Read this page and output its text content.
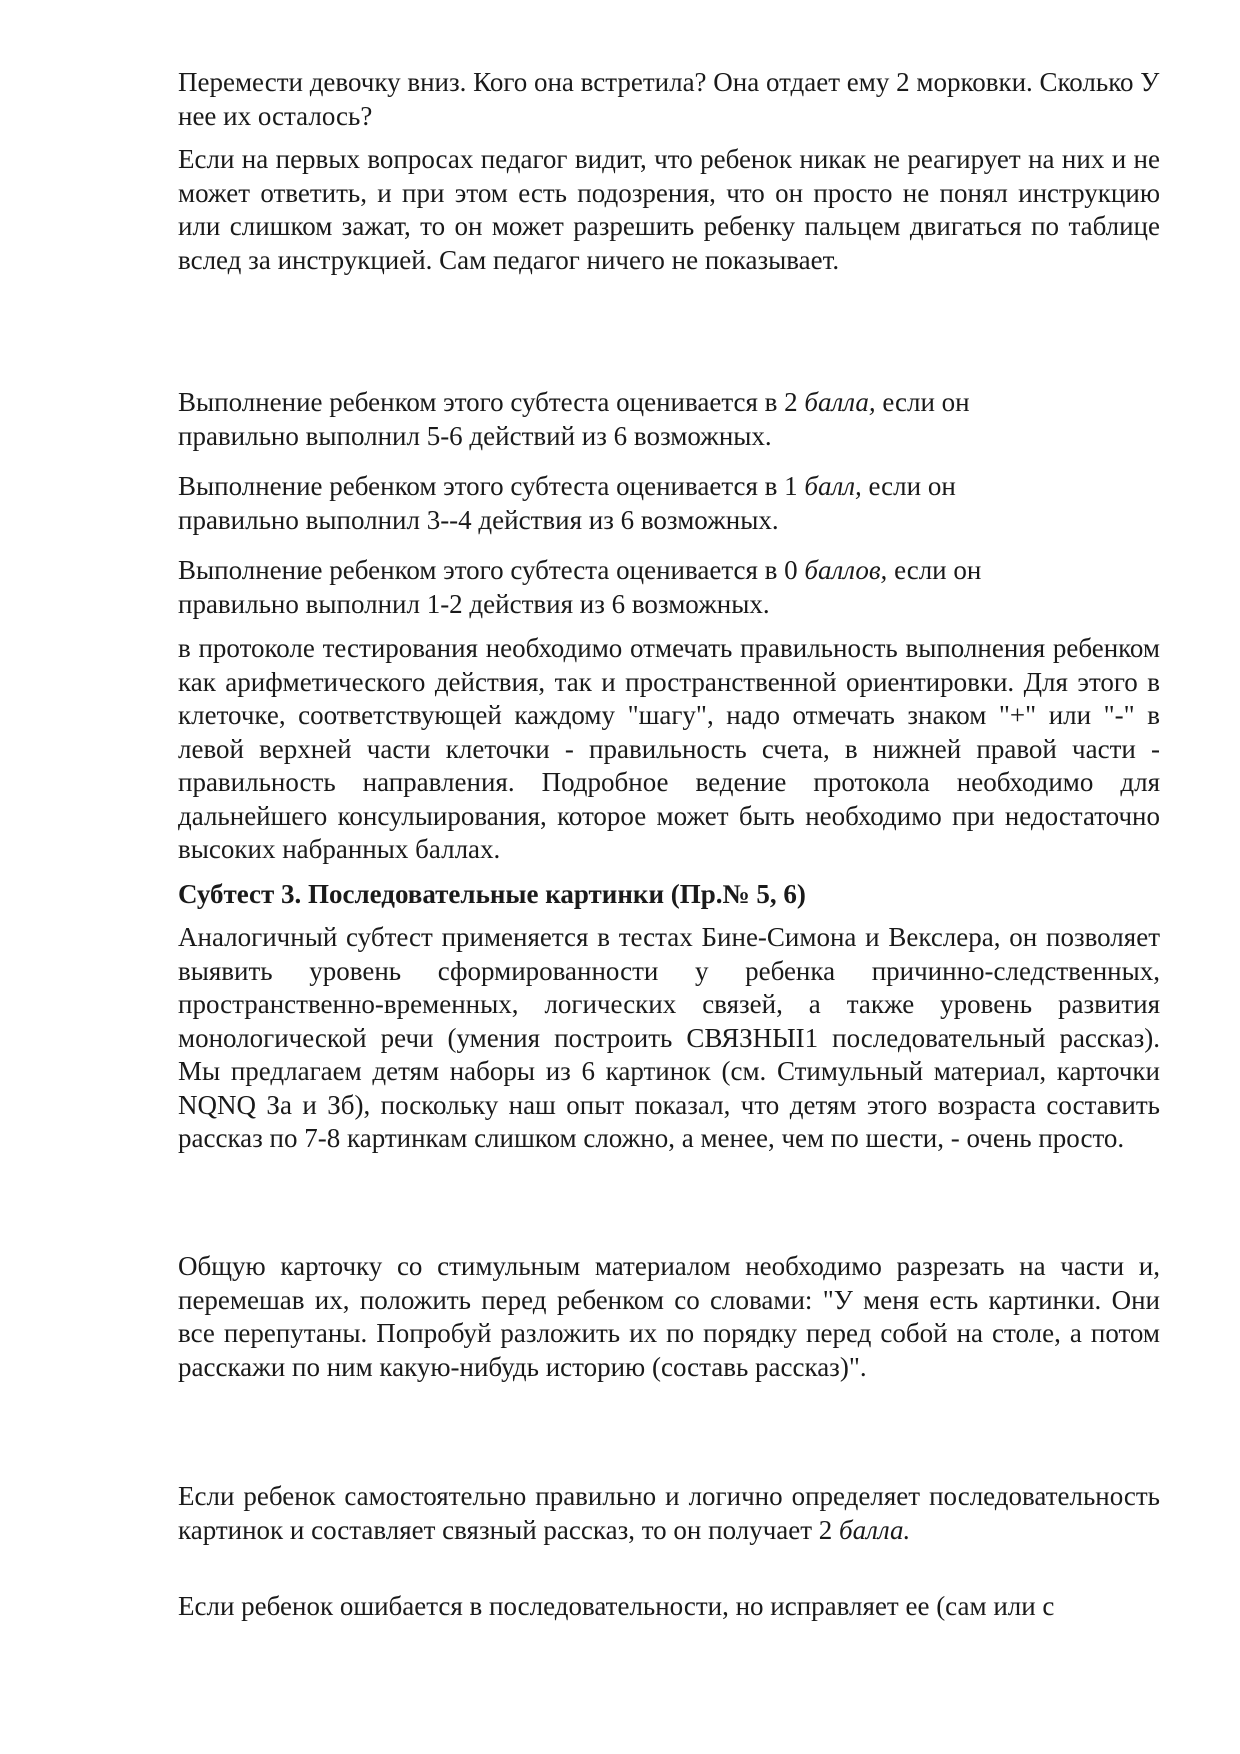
Перемести девочку вниз. Кого она встретила? Она отдает ему 2 морковки. Сколько У нее их осталось?

Если на первых вопросах педагог видит, что ребенок никак не реагирует на них и не может ответить, и при этом есть подозрения, что он просто не понял инструкцию или слишком зажат, то он может разрешить ребенку пальцем двигаться по таблице вслед за инструкцией. Сам педагог ничего не показывает.

Выполнение ребенком этого субтеста оценивается в 2 балла, если он правильно выполнил 5-6 действий из 6 возможных.

Выполнение ребенком этого субтеста оценивается в 1 балл, если он правильно выполнил 3--4 действия из 6 возможных.

Выполнение ребенком этого субтеста оценивается в 0 баллов, если он правильно выполнил 1-2 действия из 6 возможных.

в протоколе тестирования необходимо отмечать правильность выполнения ребенком как арифметического действия, так и пространственной ориентировки. Для этого в клеточке, соответствующей каждому "шагу", надо отмечать знаком "+" или "-" в левой верхней части клеточки - правильность счета, в нижней правой части - правильность направления. Подробное ведение протокола необходимо для дальнейшего консулыирования, которое может быть необходимо при недостаточно высоких набранных баллах.

Субтест 3. Последовательные картинки (Пр.№ 5, 6)

Аналогичный субтест применяется в тестах Бине-Симона и Векслера, он позволяет выявить уровень сформированности у ребенка причинно-следственных, пространственно-временных, логических связей, а также уровень развития монологической речи (умения построить СВЯЗНЫI1 последовательный рассказ). Мы предлагаем детям наборы из 6 картинок (см. Стимульный материал, карточки NQNQ За и Зб), поскольку наш опыт показал, что детям этого возраста составить рассказ по 7-8 картинкам слишком сложно, а менее, чем по шести, - очень просто.

Общую карточку со стимульным материалом необходимо разрезать на части и, перемешав их, положить перед ребенком со словами: "У меня есть картинки. Они все перепутаны. Попробуй разложить их по порядку перед собой на столе, а потом расскажи по ним какую-нибудь историю (составь рассказ)".

Если ребенок самостоятельно правильно и логично определяет последовательность картинок и составляет связный рассказ, то он получает 2 балла.

Если ребенок ошибается в последовательности, но исправляет ее (сам или с
